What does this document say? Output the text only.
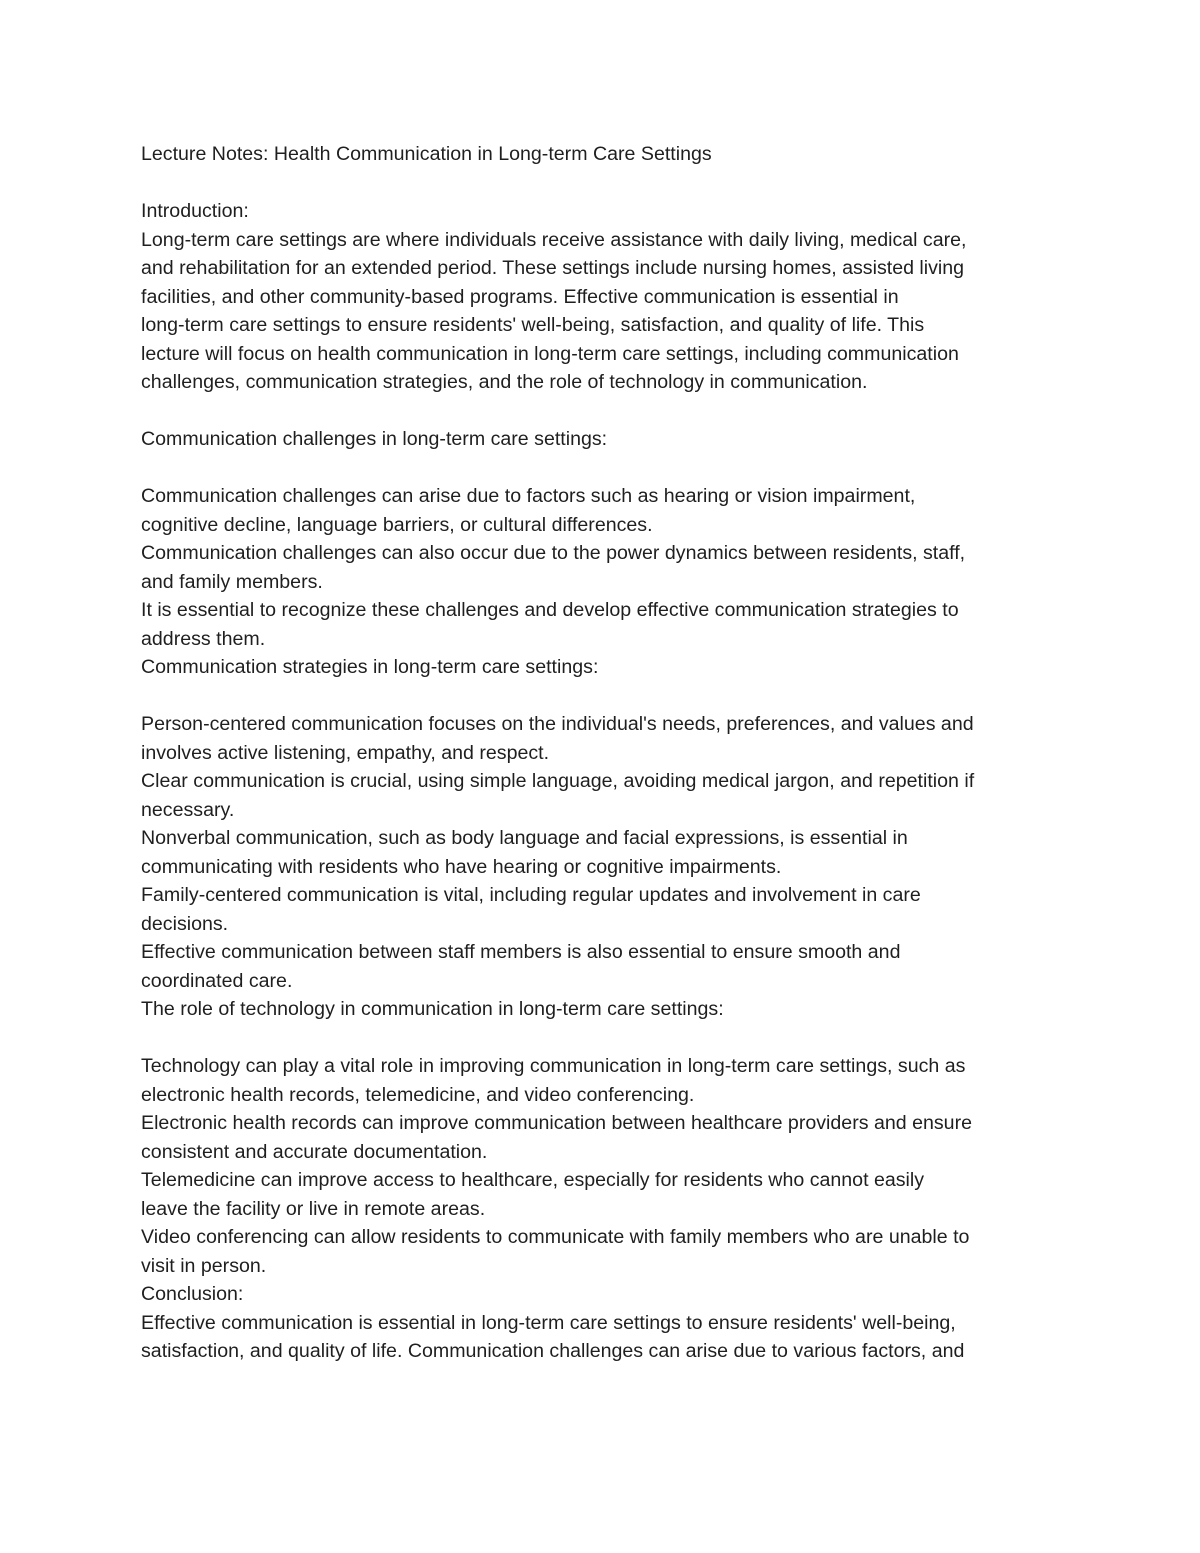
Lecture Notes: Health Communication in Long-term Care Settings

Introduction:

Long-term care settings are where individuals receive assistance with daily living, medical care,

and rehabilitation for an extended period. These settings include nursing homes, assisted living

facilities, and other community-based programs. Effective communication is essential in

long-term care settings to ensure residents' well-being, satisfaction, and quality of life. This

lecture will focus on health communication in long-term care settings, including communication

challenges, communication strategies, and the role of technology in communication.

Communication challenges in long-term care settings:

Communication challenges can arise due to factors such as hearing or vision impairment,

cognitive decline, language barriers, or cultural differences.

Communication challenges can also occur due to the power dynamics between residents, staff,

and family members.

It is essential to recognize these challenges and develop effective communication strategies to

address them.

Communication strategies in long-term care settings:

Person-centered communication focuses on the individual's needs, preferences, and values and

involves active listening, empathy, and respect.

Clear communication is crucial, using simple language, avoiding medical jargon, and repetition if

necessary.

Nonverbal communication, such as body language and facial expressions, is essential in

communicating with residents who have hearing or cognitive impairments.

Family-centered communication is vital, including regular updates and involvement in care

decisions.

Effective communication between staff members is also essential to ensure smooth and

coordinated care.

The role of technology in communication in long-term care settings:

Technology can play a vital role in improving communication in long-term care settings, such as

electronic health records, telemedicine, and video conferencing.

Electronic health records can improve communication between healthcare providers and ensure

consistent and accurate documentation.

Telemedicine can improve access to healthcare, especially for residents who cannot easily

leave the facility or live in remote areas.

Video conferencing can allow residents to communicate with family members who are unable to

visit in person.

Conclusion:

Effective communication is essential in long-term care settings to ensure residents' well-being,

satisfaction, and quality of life. Communication challenges can arise due to various factors, and
